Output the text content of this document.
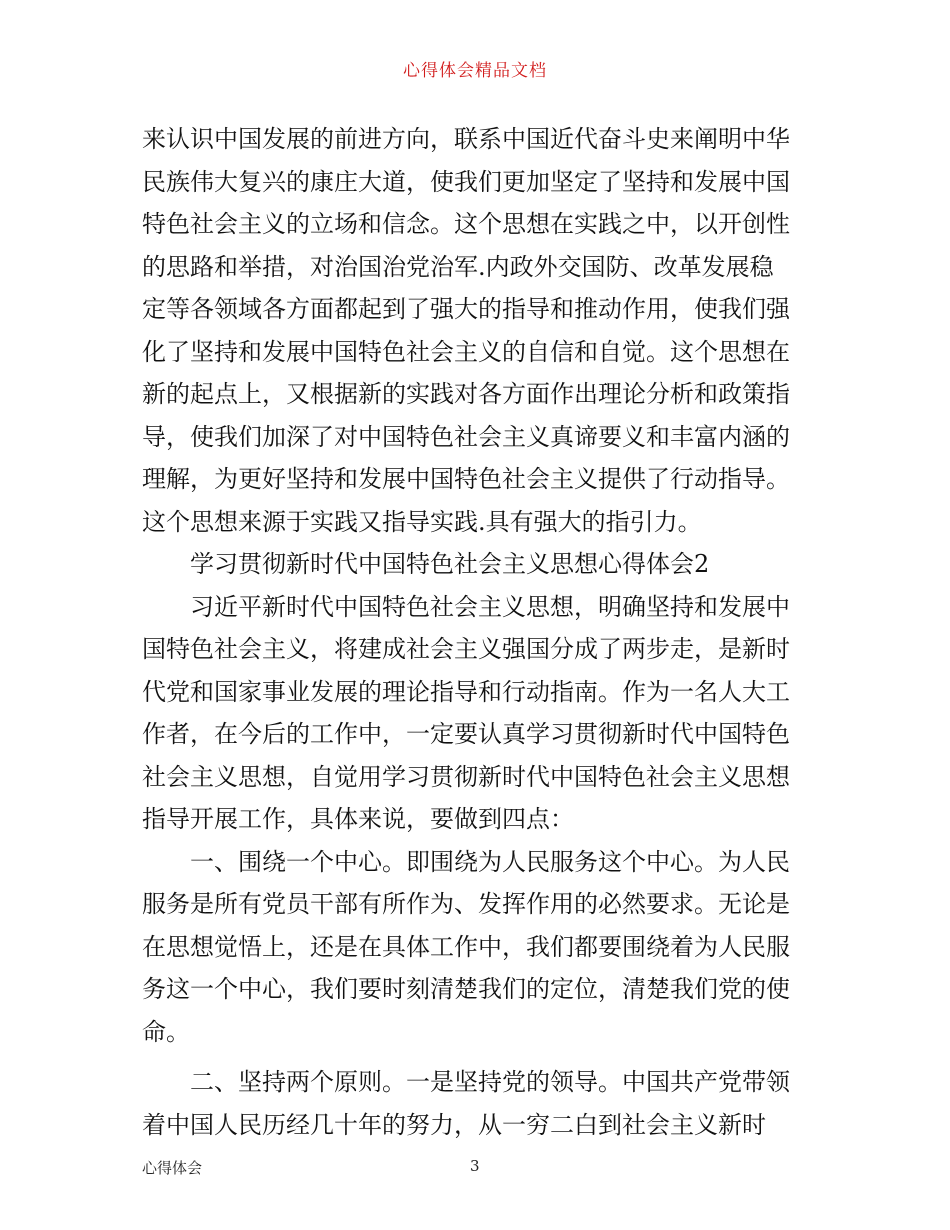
心得体会精品文档
来认识中国发展的前进方向，联系中国近代奋斗史来阐明中华
民族伟大复兴的康庄大道，使我们更加坚定了坚持和发展中国
特色社会主义的立场和信念。这个思想在实践之中，以开创性
的思路和举措，对治国治党治军.内政外交国防、改革发展稳
定等各领域各方面都起到了强大的指导和推动作用，使我们强
化了坚持和发展中国特色社会主义的自信和自觉。这个思想在
新的起点上，又根据新的实践对各方面作出理论分析和政策指
导，使我们加深了对中国特色社会主义真谛要义和丰富内涵的
理解，为更好坚持和发展中国特色社会主义提供了行动指导。
这个思想来源于实践又指导实践.具有强大的指引力。
学习贯彻新时代中国特色社会主义思想心得体会2
习近平新时代中国特色社会主义思想，明确坚持和发展中
国特色社会主义，将建成社会主义强国分成了两步走，是新时
代党和国家事业发展的理论指导和行动指南。作为一名人大工
作者，在今后的工作中，一定要认真学习贯彻新时代中国特色
社会主义思想，自觉用学习贯彻新时代中国特色社会主义思想
指导开展工作，具体来说，要做到四点：
一、围绕一个中心。即围绕为人民服务这个中心。为人民
服务是所有党员干部有所作为、发挥作用的必然要求。无论是
在思想觉悟上，还是在具体工作中，我们都要围绕着为人民服
务这一个中心，我们要时刻清楚我们的定位，清楚我们党的使
命。
二、坚持两个原则。一是坚持党的领导。中国共产党带领
着中国人民历经几十年的努力，从一穷二白到社会主义新时
心得体会	3
